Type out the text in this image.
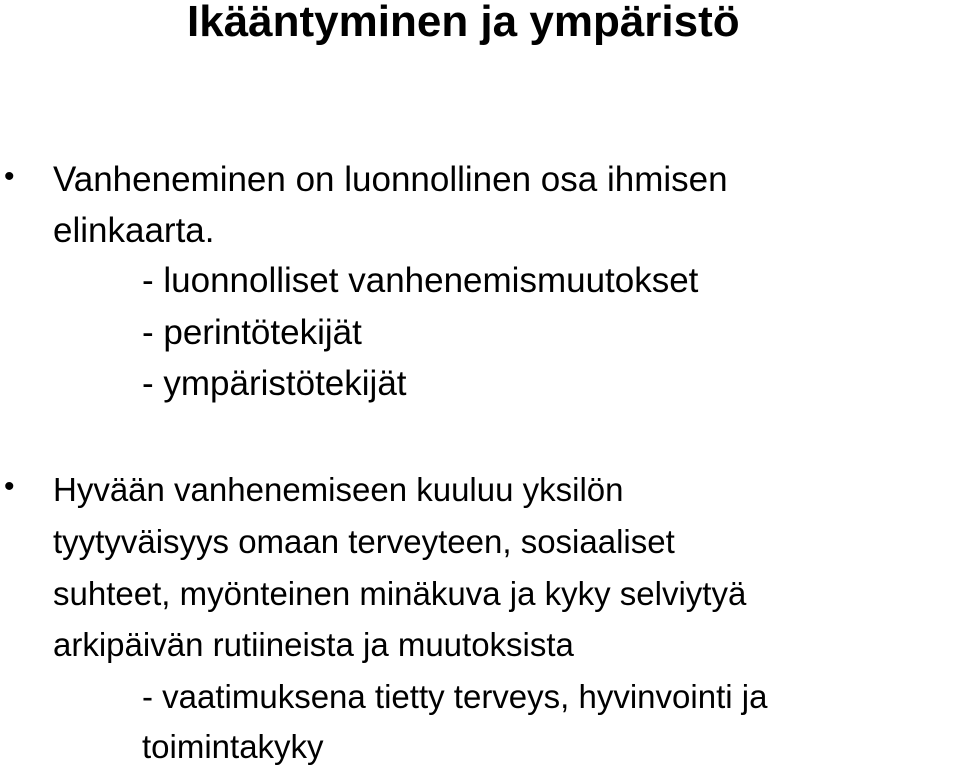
Ikääntyminen ja ympäristö
• Vanheneminen on luonnollinen osa ihmisen
elinkaarta.
- luonnolliset vanhenemismuutokset
- perintötekijät
- ympäristötekijät
• Hyvään vanhenemiseen kuuluu yksilön
tyytyväisyys omaan terveyteen, sosiaaliset
suhteet, myönteinen minäkuva ja kyky selviytyä
arkipäivän rutiineista ja muutoksista
- vaatimuksena tietty terveys, hyvinvointi ja
toimintakyky
